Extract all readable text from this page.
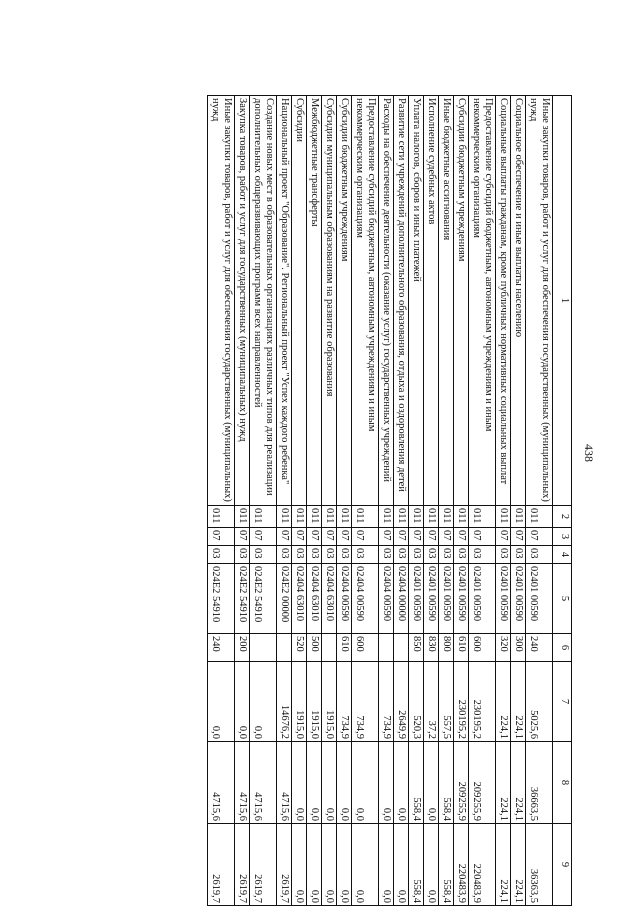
438
1	2	3	4	5	6	7	8	9
Иные закупки товаров, работ и услуг для обеспечения государственных (муниципальных) нужд	011	07	03	02401 00590	240	5025,6	36663,5	36363,5
Социальное обеспечение и иные выплаты населению	011	07	03	02401 00590	300	224,1	224,1	224,1
Социальные выплаты гражданам, кроме публичных нормативных социальных выплат	011	07	03	02401 00590	320	224,1	224,1	224,1
Предоставление субсидий бюджетным, автономным учреждениям и иным некоммерческим организациям	011	07	03	02401 00590	600	230195,2	209255,9	220483,9
Субсидии бюджетным учреждениям	011	07	03	02401 00590	610	230195,2	209255,9	220483,9
Иные бюджетные ассигнования	011	07	03	02401 00590	800	557,5	558,4	558,4
Исполнение судебных актов	011	07	03	02401 00590	830	37,2	0,0	0,0
Уплата налогов, сборов и иных платежей	011	07	03	02401 00590	850	520,3	558,4	558,4
Развитие сети учреждений дополнительного образования, отдыха и оздоровления детей	011	07	03	02404 00000		2649,9	0,0	0,0
Расходы на обеспечение деятельности (оказание услуг) государственных учреждений	011	07	03	02404 00590		734,9	0,0	0,0
Предоставление субсидий бюджетным, автономным учреждениям и иным некоммерческим организациям	011	07	03	02404 00590	600	734,9	0,0	0,0
Субсидии бюджетным учреждениям	011	07	03	02404 00590	610	734,9	0,0	0,0
Субсидии муниципальным образованиям на развитие образования	011	07	03	02404 63010		1915,0	0,0	0,0
Межбюджетные трансферты	011	07	03	02404 63010	500	1915,0	0,0	0,0
Субсидии	011	07	03	02404 63010	520	1915,0	0,0	0,0
Национальный проект "Образование". Региональный проект "Успех каждого ребенка"	011	07	03	024E2 00000		14676,2	4715,6	2619,7
Создание новых мест в образовательных организациях различных типов для реализации дополнительных общеразвивающих программ всех направленностей	011	07	03	024E2 54910		0,0	4715,6	2619,7
Закупка товаров, работ и услуг для государственных (муниципальных) нужд	011	07	03	024E2 54910	200	0,0	4715,6	2619,7
Иные закупки товаров, работ и услуг для обеспечения государственных (муниципальных) нужд	011	07	03	024E2 54910	240	0,0	4715,6	2619,7
